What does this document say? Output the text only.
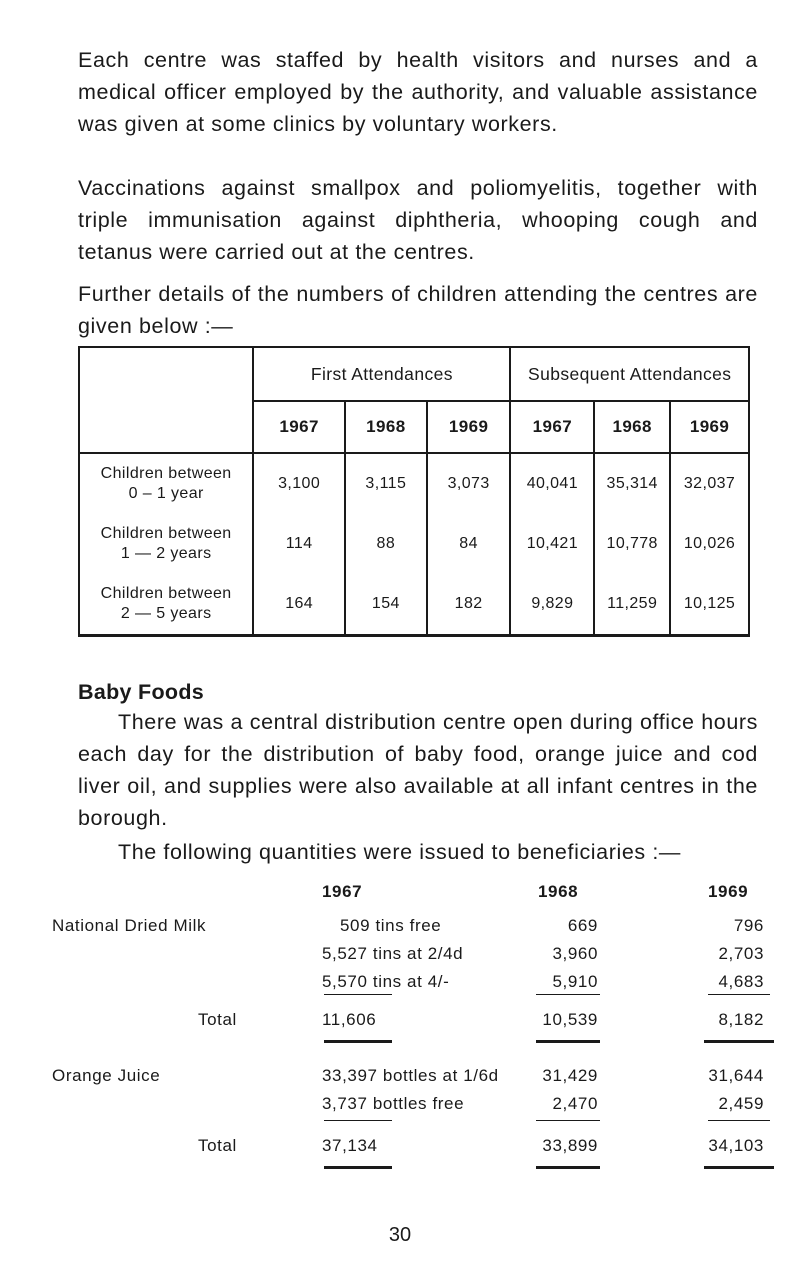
Each centre was staffed by health visitors and nurses and a medical officer employed by the authority, and valuable assistance was given at some clinics by voluntary workers.

Vaccinations against smallpox and poliomyelitis, together with triple immunisation against diphtheria, whooping cough and tetanus were carried out at the centres.

Further details of the numbers of children attending the centres are given below :—

	First Attendances			Subsequent Attendances		
	1967	1968	1969	1967	1968	1969
Children between
0 – 1 year	3,100	3,115	3,073	40,041	35,314	32,037
Children between
1 — 2 years	114	88	84	10,421	10,778	10,026
Children between
2 — 5 years	164	154	182	9,829	11,259	10,125
Baby Foods

There was a central distribution centre open during office hours each day for the distribution of baby food, orange juice and cod liver oil, and supplies were also available at all infant centres in the borough.

The following quantities were issued to beneficiaries :—

1967	1968	1969
National Dried Milk	509 tins free	669	796
5,527 tins at 2/4d	3,960	2,703
5,570 tins at 4/-	5,910	4,683
Total	11,606	10,539	8,182
Orange Juice	33,397 bottles at 1/6d	31,429	31,644
3,737 bottles free	2,470	2,459
Total	37,134	33,899	34,103
30
